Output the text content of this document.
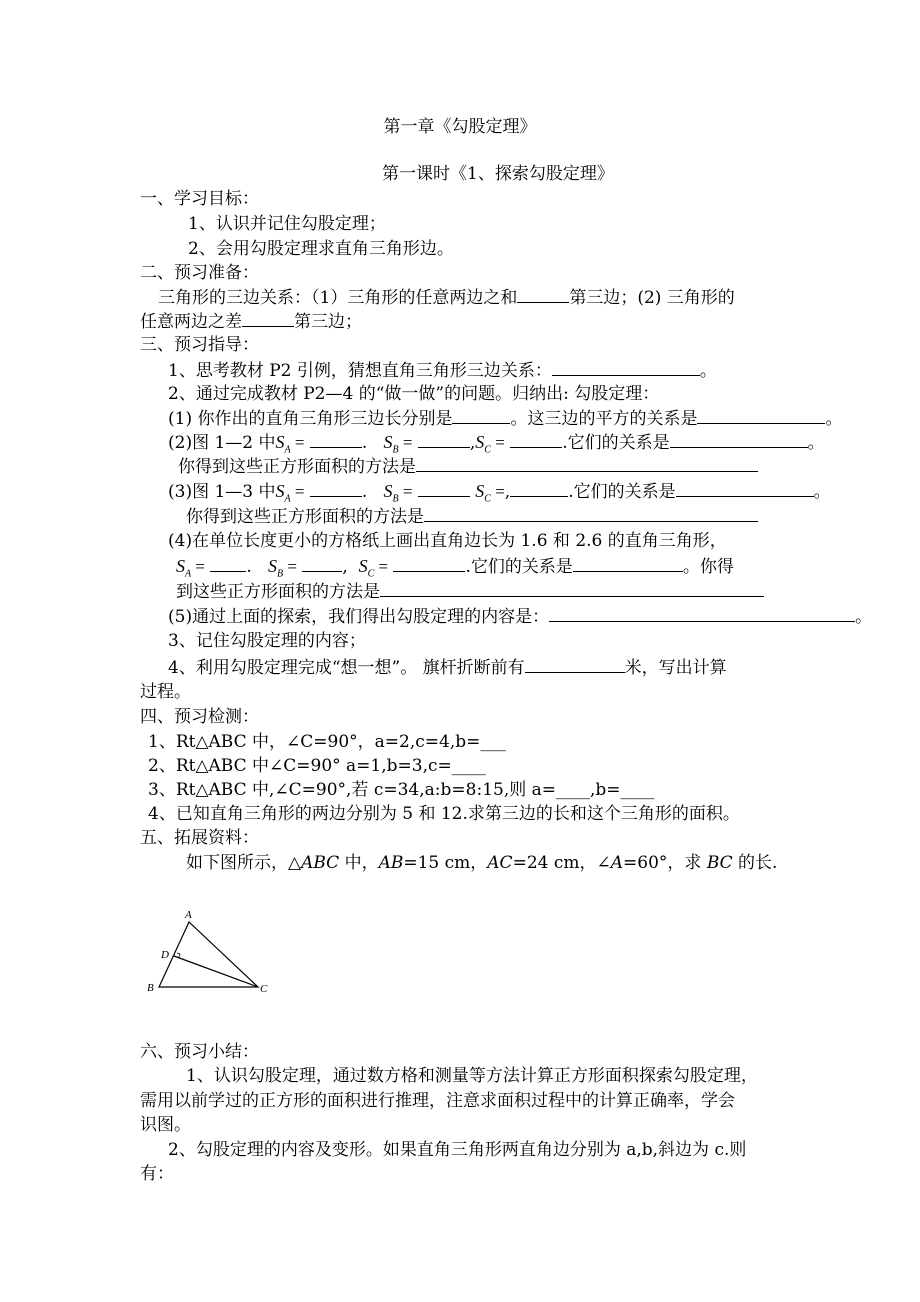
第一章《勾股定理》
第一课时《1、探索勾股定理》
一、学习目标：
1、认识并记住勾股定理；
2、会用勾股定理求直角三角形边。
二、预习准备：
三角形的三边关系：（1）三角形的任意两边之和	第三边；(2) 三角形的
任意两边之差	第三边；
三、预习指导：
1、思考教材 P2 引例，猜想直角三角形三边关系：	。
2、通过完成教材 P2—4 的“做一做”的问题。归纳出: 勾股定理：
(1) 你作出的直角三角形三边长分别是	。这三边的平方的关系是	。
(2)图 1—2 中$S_A$ =	.   $S_B$ =	$,S_C$ =	.它们的关系是	。
你得到这些正方形面积的方法是
(3)图 1—3 中$S_A$ =	.   $S_B$ =	$S_C$ =,	.它们的关系是	。
你得到这些正方形面积的方法是
(4)在单位长度更小的方格纸上画出直角边长为 1.6 和 2.6 的直角三角形，
$S_A$ = .   $S_B$ =	,  $S_C$ =	.它们的关系是	。你得
到这些正方形面积的方法是
(5)通过上面的探索，我们得出勾股定理的内容是：	。
3、记住勾股定理的内容；
4、利用勾股定理完成“想一想”。 旗杆折断前有	米，写出计算
过程。
四、预习检测：
1、Rt△ABC 中，∠C=90°，a=2,c=4,b=___
2、Rt△ABC 中∠C=90° a=1,b=3,c=____
3、Rt△ABC 中,∠C=90°,若 c=34,a:b=8:15,则 a=____,b=____
4、已知直角三角形的两边分别为 5 和 12.求第三边的长和这个三角形的面积。
五、拓展资料：
如下图所示，△ABC 中，AB=15 cm，AC=24 cm，∠A=60°，求 BC 的长.
A
B	C
D
六、预习小结：
1、认识勾股定理，通过数方格和测量等方法计算正方形面积探索勾股定理，
需用以前学过的正方形的面积进行推理，注意求面积过程中的计算正确率，学会
识图。
2、勾股定理的内容及变形。如果直角三角形两直角边分别为 a,b,斜边为 c.则
有：
